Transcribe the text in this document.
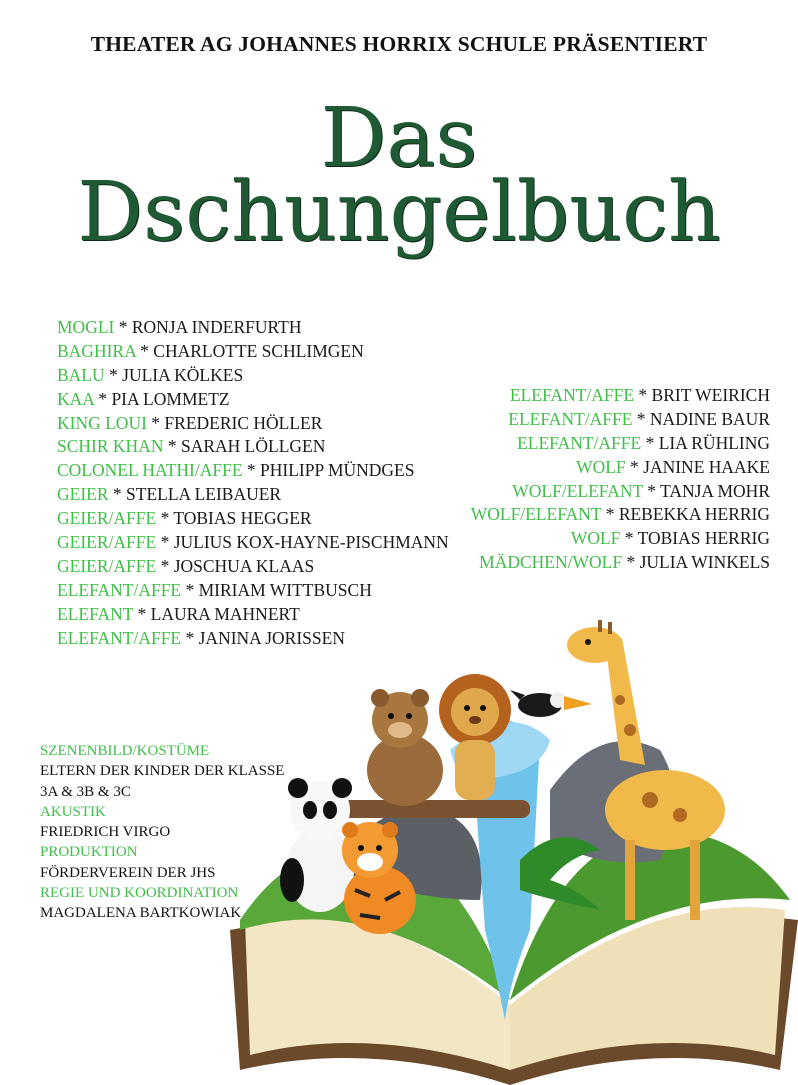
THEATER AG JOHANNES HORRIX SCHULE PRÄSENTIERT
Das
Dschungelbuch
MOGLI * RONJA INDERFURTH
BAGHIRA * CHARLOTTE SCHLIMGEN
BALU * JULIA KÖLKES
KAA * PIA LOMMETZ
KING LOUI * FREDERIC HÖLLER
SCHIR KHAN * SARAH LÖLLGEN
COLONEL HATHI/AFFE * PHILIPP MÜNDGES
GEIER * STELLA LEIBAUER
GEIER/AFFE * TOBIAS HEGGER
GEIER/AFFE * JULIUS KOX-HAYNE-PISCHMANN
GEIER/AFFE * JOSCHUA KLAAS
ELEFANT/AFFE * MIRIAM WITTBUSCH
ELEFANT * LAURA MAHNERT
ELEFANT/AFFE * JANINA JORISSEN
ELEFANT/AFFE * BRIT WEIRICH
ELEFANT/AFFE * NADINE BAUR
ELEFANT/AFFE * LIA RÜHLING
WOLF * JANINE HAAKE
WOLF/ELEFANT * TANJA MOHR
WOLF/ELEFANT * REBEKKA HERRIG
WOLF * TOBIAS HERRIG
MÄDCHEN/WOLF * JULIA WINKELS
SZENENBILD/KOSTÜME
ELTERN DER KINDER DER KLASSE
3A & 3B & 3C
AKUSTIK
FRIEDRICH VIRGO
PRODUKTION
FÖRDERVEREIN DER JHS
REGIE UND KOORDINATION
MAGDALENA BARTKOWIAK
